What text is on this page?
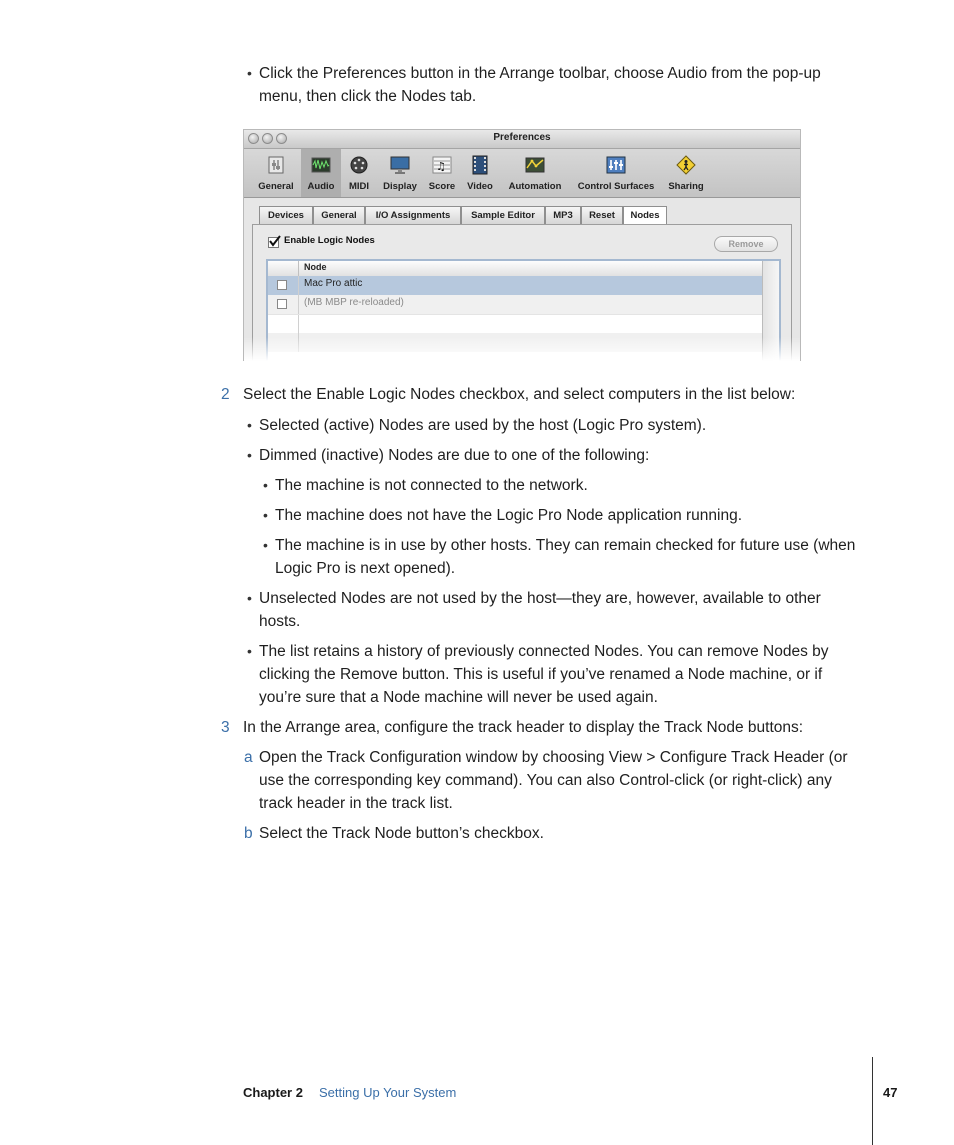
• Click the Preferences button in the Arrange toolbar, choose Audio from the pop-up
menu, then click the Nodes tab.
Preferences
General	Audio	MIDI	Display
♫
Score	Video	Automation	Control Surfaces	Sharing
Devices	General	I/O Assignments	Sample Editor	MP3	Reset	Nodes
Enable Logic Nodes	Remove
Node
Mac Pro attic
(MB MBP re-reloaded)
2 Select the Enable Logic Nodes checkbox, and select computers in the list below:
• Selected (active) Nodes are used by the host (Logic Pro system).
• Dimmed (inactive) Nodes are due to one of the following:
• The machine is not connected to the network.
• The machine does not have the Logic Pro Node application running.
• The machine is in use by other hosts. They can remain checked for future use (when
Logic Pro is next opened).
• Unselected Nodes are not used by the host—they are, however, available to other
hosts.
• The list retains a history of previously connected Nodes. You can remove Nodes by
clicking the Remove button. This is useful if you’ve renamed a Node machine, or if
you’re sure that a Node machine will never be used again.
3 In the Arrange area, configure the track header to display the Track Node buttons:
a Open the Track Configuration window by choosing View > Configure Track Header (or
use the corresponding key command). You can also Control-click (or right-click) any
track header in the track list.
b Select the Track Node button’s checkbox.
Chapter 2 Setting Up Your System	47
